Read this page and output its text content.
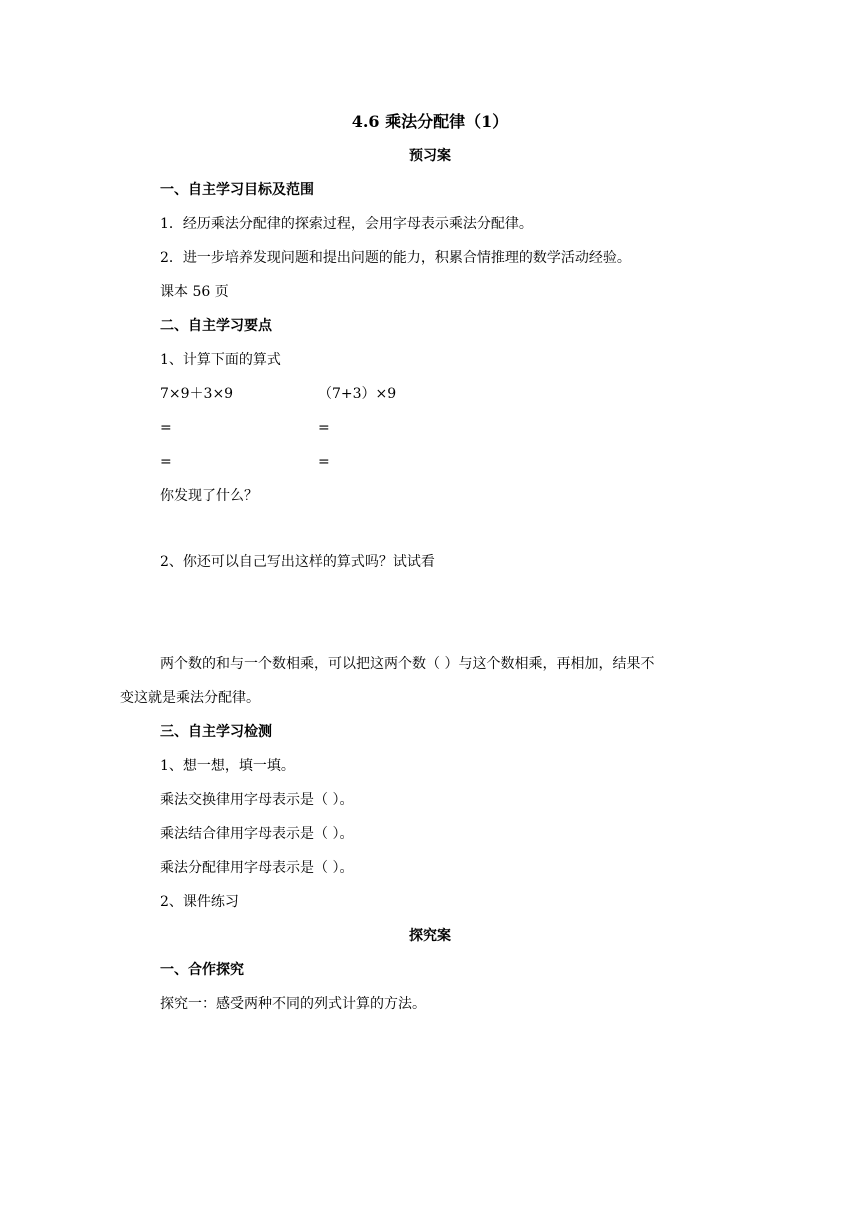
4.6 乘法分配律（1）
预习案
一、自主学习目标及范围
1．经历乘法分配律的探索过程，会用字母表示乘法分配律。
2．进一步培养发现问题和提出问题的能力，积累合情推理的数学活动经验。
课本 56 页
二、自主学习要点
1、计算下面的算式
7×9＋3×9	（7+3）×9
=	=
=	=
你发现了什么？
2、你还可以自己写出这样的算式吗？试试看
两个数的和与一个数相乘，可以把这两个数（ ）与这个数相乘，再相加，结果不
变这就是乘法分配律。
三、自主学习检测
1、想一想，填一填。
乘法交换律用字母表示是（ ）。
乘法结合律用字母表示是（ ）。
乘法分配律用字母表示是（ ）。
2、课件练习
探究案
一、合作探究
探究一：感受两种不同的列式计算的方法。
